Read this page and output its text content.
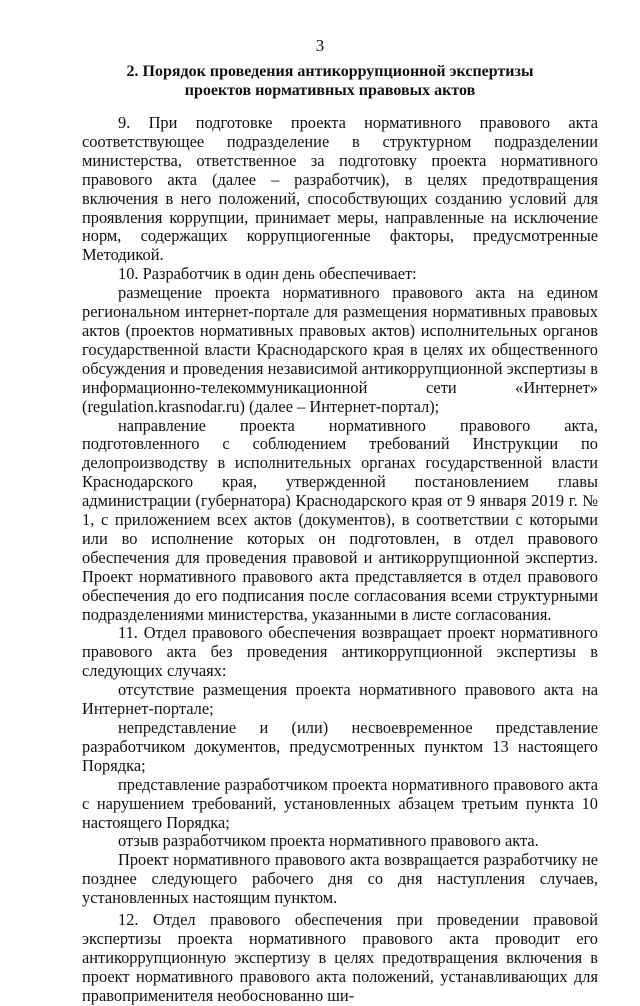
3
2. Порядок проведения антикоррупционной экспертизы
проектов нормативных правовых актов

9. При подготовке проекта нормативного правового акта соответствующее подразделение в структурном подразделении министерства, ответственное за подготовку проекта нормативного правового акта (далее – разработчик), в целях предотвращения включения в него положений, способствующих созданию условий для проявления коррупции, принимает меры, направленные на исключение норм, содержащих коррупциогенные факторы, предусмотренные Методикой.

10. Разработчик в один день обеспечивает:

размещение проекта нормативного правового акта на едином региональном интернет-портале для размещения нормативных правовых актов (проектов нормативных правовых актов) исполнительных органов государственной власти Краснодарского края в целях их общественного обсуждения и проведения независимой антикоррупционной экспертизы в информационно-телекоммуникационной сети «Интернет» (regulation.krasnodar.ru) (далее – Интернет-портал);

направление проекта нормативного правового акта, подготовленного с соблюдением требований Инструкции по делопроизводству в исполнительных органах государственной власти Краснодарского края, утвержденной постановлением главы администрации (губернатора) Краснодарского края от 9 января 2019 г. № 1, с приложением всех актов (документов), в соответствии с которыми или во исполнение которых он подготовлен, в отдел правового обеспечения для проведения правовой и антикоррупционной экспертиз. Проект нормативного правового акта представляется в отдел правового обеспечения до его подписания после согласования всеми структурными подразделениями министерства, указанными в листе согласования.

11. Отдел правового обеспечения возвращает проект нормативного правового акта без проведения антикоррупционной экспертизы в следующих случаях:

отсутствие размещения проекта нормативного правового акта на Интернет-портале;

непредставление и (или) несвоевременное представление разработчиком документов, предусмотренных пунктом 13 настоящего Порядка;

представление разработчиком проекта нормативного правового акта с нарушением требований, установленных абзацем третьим пункта 10 настоящего Порядка;

отзыв разработчиком проекта нормативного правового акта.

Проект нормативного правового акта возвращается разработчику не позднее следующего рабочего дня со дня наступления случаев, установленных настоящим пунктом.

12. Отдел правового обеспечения при проведении правовой экспертизы проекта нормативного правового акта проводит его антикоррупционную экспертизу в целях предотвращения включения в проект нормативного правового акта положений, устанавливающих для правоприменителя необоснованно ши-
